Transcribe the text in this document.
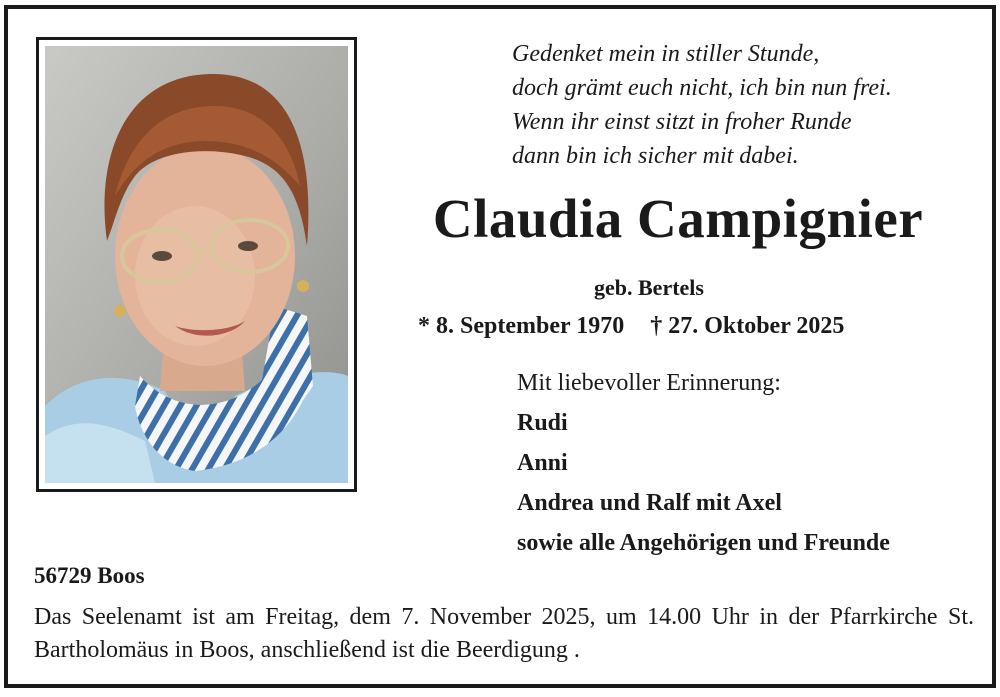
Gedenket mein in stiller Stunde,
doch grämt euch nicht, ich bin nun frei.
Wenn ihr einst sitzt in froher Runde
dann bin ich sicher mit dabei.
Claudia Campignier
geb. Bertels
* 8. September 1970 † 27. Oktober 2025
Mit liebevoller Erinnerung:
Rudi
Anni
Andrea und Ralf mit Axel
sowie alle Angehörigen und Freunde
56729 Boos
Das Seelenamt ist am Freitag, dem 7. November 2025, um 14.00 Uhr in der Pfarrkirche St. Bartholomäus in Boos, anschließend ist die Beerdigung .
